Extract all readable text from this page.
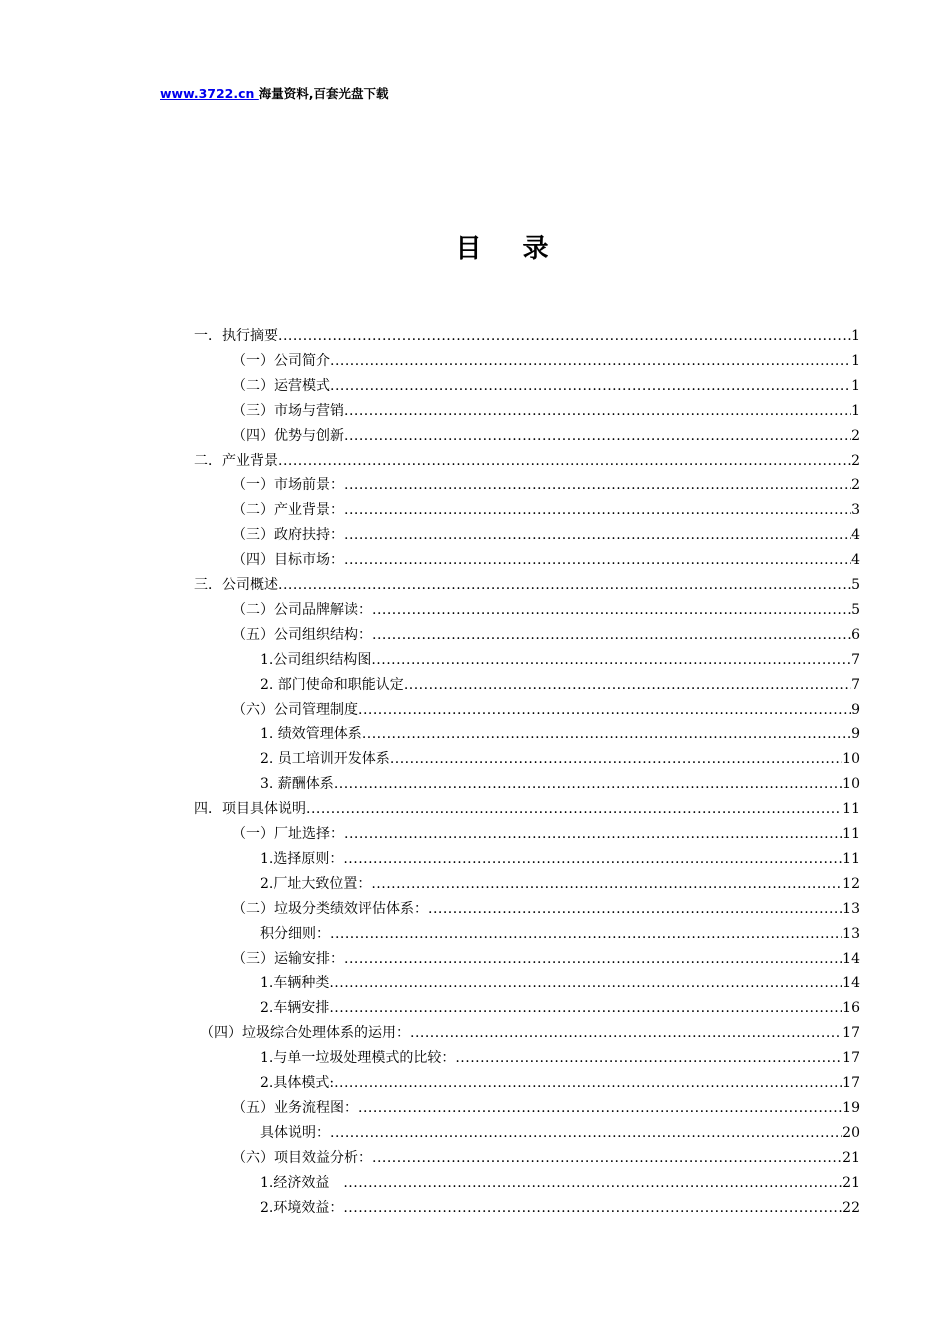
www.3722.cn 海量资料,百套光盘下载
目 录
一．执行摘要 .....	1
（一）公司简介 .....	1
（二）运营模式 .....	1
（三）市场与营销 .....	1
（四）优势与创新 .....	2
二．产业背景 .....	2
（一）市场前景： .....	2
（二）产业背景： .....	3
（三）政府扶持： .....	4
（四）目标市场： .....	4
三．公司概述 .....	5
（二）公司品牌解读： .....	5
（五）公司组织结构： .....	6
1.公司组织结构图 .....	7
2. 部门使命和职能认定 .....	7
（六）公司管理制度 .....	9
1. 绩效管理体系 .....	9
2. 员工培训开发体系 .....	10
3. 薪酬体系 .....	10
四．项目具体说明 .....	11
（一）厂址选择： .....	11
1.选择原则： .....	11
2.厂址大致位置： .....	12
（二）垃圾分类绩效评估体系： .....	13
积分细则： .....	13
（三）运输安排： .....	14
1.车辆种类 .....	14
2.车辆安排 .....	16
（四）垃圾综合处理体系的运用： .....	17
1.与单一垃圾处理模式的比较： .....	17
2.具体模式: .....	17
（五）业务流程图： .....	19
具体说明： .....	20
（六）项目效益分析： .....	21
1.经济效益　 .....	21
2.环境效益： .....	22
